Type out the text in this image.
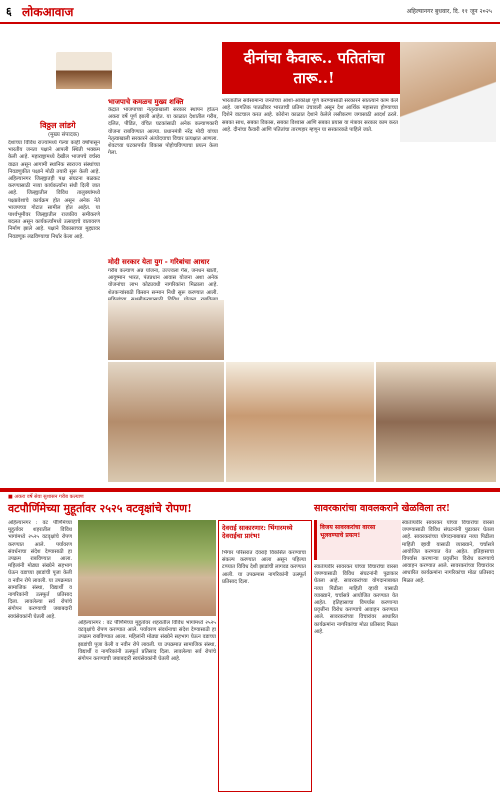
६ लोकआवाज	अहिल्यानगर बुधवार, दि. ११ जून २०२५
विठ्ठल लांडगे
(मुख्य संपादक)
देशाच्या विविध राज्यांमध्ये गेल्या काही वर्षांपासून भारतीय जनता पक्षाने आपली स्थिती भक्कम केली आहे. महाराष्ट्रामध्ये देखील भाजपचे वर्चस्व वाढत असून आगामी स्थानिक स्वराज्य संस्थांच्या निवडणुकीत पक्षाने मोठी तयारी सुरू केली आहे. अहिल्यानगर जिल्ह्यातही पक्ष संघटना बळकट करण्यासाठी नव्या कार्यकर्त्यांना संधी दिली जात आहे. जिल्ह्यातील विविध तालुक्यांमध्ये पक्षप्रवेशाचे कार्यक्रम होत असून अनेक नेते भाजपच्या गोटात सामील होत आहेत. या पार्श्वभूमीवर जिल्ह्यातील राजकीय समीकरणे बदलत असून कार्यकर्त्यांमध्ये उत्साहाचे वातावरण निर्माण झाले आहे. पक्षाने विकासाच्या मुद्द्यावर निवडणूक लढविण्याचा निर्धार केला आहे.
दीनांचा कैवारू.. पतितांचा तारू..!
भाजपाचे कमळच मुख्य शक्ति
केंद्रात भाजपाच्या नेतृत्वाखाली सरकार स्थापन होऊन अकरा वर्षे पूर्ण झाली आहेत. या काळात देशातील गरीब, दलित, पीडित, वंचित घटकांसाठी अनेक कल्याणकारी योजना राबविण्यात आल्या. प्रधानमंत्री नरेंद्र मोदी यांच्या नेतृत्वाखाली सरकारने अंत्योदयाचा विचार प्रत्यक्षात आणला. शेवटच्या घटकापर्यंत विकास पोहोचविण्याचा प्रयत्न केला गेला.
मोदी सरकार येता युग - गरिबांचा आधार
गरीब कल्याण अन्न योजना, उज्ज्वला गॅस, जनधन खाती, आयुष्मान भारत, पंतप्रधान आवास योजना अशा अनेक योजनांचा लाभ कोट्यवधी नागरिकांना मिळाला आहे. शेतकऱ्यांसाठी किसान सन्मान निधी सुरू करण्यात आली.
भारतातील सर्वसामान्य जनतेच्या आशा-आकांक्षा पूर्ण करण्यासाठी सरकारने सातत्याने काम केले आहे. जागतिक पातळीवर भारताची प्रतिमा उंचावली असून देश आर्थिक महासत्ता होण्याच्या दिशेने वाटचाल करत आहे. कोरोना काळात देशाने केलेले लसीकरण जगासाठी आदर्श ठरले. सबका साथ, सबका विकास, सबका विश्वास आणि सबका प्रयास या मंत्रावर सरकार काम करत आहे. दीनांचा कैवारी आणि पतितांचा तारणहार म्हणून या सरकारकडे पाहिले जाते.
■ अकरा वर्षे सेवा सुशासन गरीब कल्याण
वटपौर्णिमेच्या मुहूर्तावर २५२५ वटवृक्षांचे रोपण!
अहिल्यानगर : वट पौर्णिमेच्या मुहूर्तावर शहरातील विविध भागांमध्ये २५२५ वटवृक्षांचे रोपण करण्यात आले. पर्यावरण संवर्धनाचा संदेश देण्यासाठी हा उपक्रम राबविण्यात आला. महिलांनी मोठ्या संख्येने सहभाग घेऊन वडाच्या झाडांची पूजा केली व नवीन रोपे लावली. या उपक्रमात सामाजिक संस्था, विद्यार्थी व नागरिकांनी उत्स्फूर्त प्रतिसाद दिला. लावलेल्या सर्व रोपांचे संगोपन करण्याची जबाबदारी स्वयंसेवकांनी घेतली आहे.
देवराई साकारणार: भिंगारमध्ये देवराईचा प्रारंभ!
भिंगार परिसरात देवराई विकसित करण्याचा संकल्प करण्यात आला असून पहिल्या टप्प्यात विविध देशी झाडांची लागवड करण्यात आली. या उपक्रमास नागरिकांनी उत्स्फूर्त प्रतिसाद दिला.
अहिल्यानगर : वट पौर्णिमेच्या मुहूर्तावर शहरातील विविध भागांमध्ये २५२५ वटवृक्षांचे रोपण करण्यात आले. पर्यावरण संवर्धनाचा संदेश देण्यासाठी हा उपक्रम राबविण्यात आला. महिलांनी मोठ्या संख्येने सहभाग घेऊन वडाच्या झाडांची पूजा केली व नवीन रोपे लावली. या उपक्रमात सामाजिक संस्था, विद्यार्थी व नागरिकांनी उत्स्फूर्त प्रतिसाद दिला. लावलेल्या सर्व रोपांचे संगोपन करण्याची जबाबदारी स्वयंसेवकांनी घेतली आहे.
सावरकारांचा वावलकराने खेळविला तर!
विजय सावरकरांचा वारसा भूलवण्याचे प्रयत्न!
स्वातंत्र्यवीर सावरकर यांच्या विचारांचा वारसा जपण्यासाठी विविध संघटनांनी पुढाकार घेतला आहे. सावरकरांच्या योगदानाबाबत नव्या पिढीला माहिती व्हावी यासाठी व्याख्याने, चर्चासत्रे आयोजित करण्यात येत आहेत. इतिहासाचा विपर्यास करणाऱ्या प्रवृत्तींना विरोध करण्याचे आवाहन करण्यात आले. सावरकरांच्या विचारांवर आधारित कार्यक्रमांना नागरिकांचा मोठा प्रतिसाद मिळत आहे.
स्वातंत्र्यवीर सावरकर यांच्या विचारांचा वारसा जपण्यासाठी विविध संघटनांनी पुढाकार घेतला आहे. सावरकरांच्या योगदानाबाबत नव्या पिढीला माहिती व्हावी यासाठी व्याख्याने, चर्चासत्रे आयोजित करण्यात येत आहेत. इतिहासाचा विपर्यास करणाऱ्या प्रवृत्तींना विरोध करण्याचे आवाहन करण्यात आले. सावरकरांच्या विचारांवर आधारित कार्यक्रमांना नागरिकांचा मोठा प्रतिसाद मिळत आहे.
